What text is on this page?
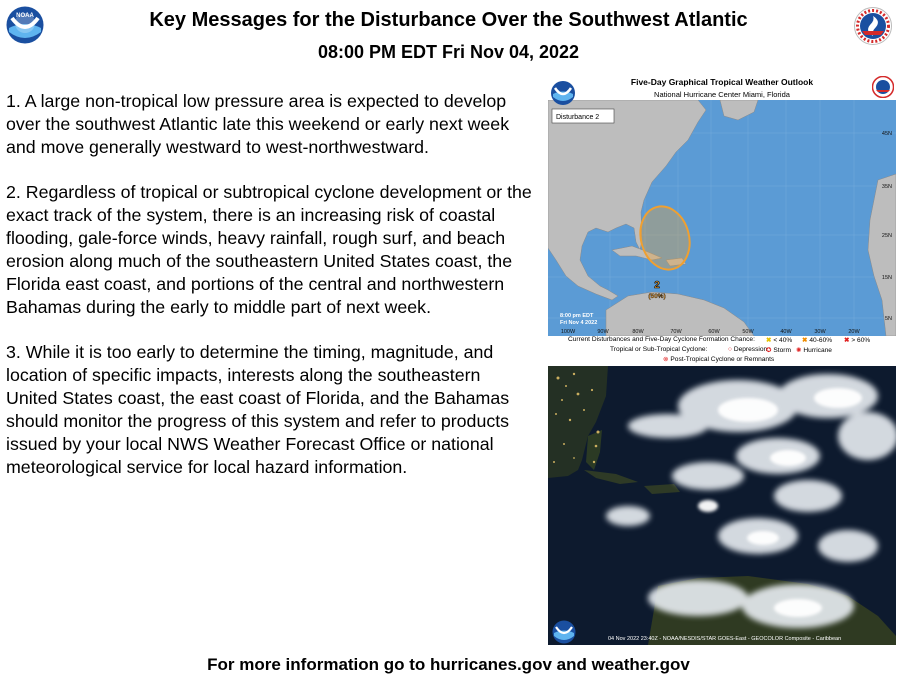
NOAA	Key Messages for the Disturbance Over the Southwest Atlantic
08:00 PM EDT Fri Nov 04, 2022

1. A large non-tropical low pressure area is expected to develop over the southwest Atlantic late this weekend or early next week and move generally westward to west-northwestward.

2. Regardless of tropical or subtropical cyclone development or the exact track of the system, there is an increasing risk of coastal flooding, gale-force winds, heavy rainfall, rough surf, and beach erosion along much of the southeastern United States coast, the Florida east coast, and portions of the central and northwestern Bahamas during the early to middle part of next week.

3. While it is too early to determine the timing, magnitude, and location of specific impacts, interests along the southeastern United States coast, the east coast of Florida, and the Bahamas should monitor the progress of this system and refer to products issued by your local NWS Weather Forecast Office or national meteorological service for local hazard information.

Five-Day Graphical Tropical Weather Outlook
National Hurricane Center Miami, Florida
2
(50%)
Disturbance 2
45N
35N
25N
15N
5N
8:00 pm EDT
Fri Nov 4 2022
100W	90W	80W	70W	60W	50W	40W	30W	20W
Current Disturbances and Five-Day Cyclone Formation Chance: ✖ < 40% ✖ 40-60% ✖ > 60%
Tropical or Sub-Tropical Cyclone:	○ Depression
✪ Storm ✺ Hurricane
⊗ Post-Tropical Cyclone or Remnants
04 Nov 2022 23:40Z - NOAA/NESDIS/STAR GOES-East - GEOCOLOR Composite - Caribbean
For more information go to hurricanes.gov and weather.gov
